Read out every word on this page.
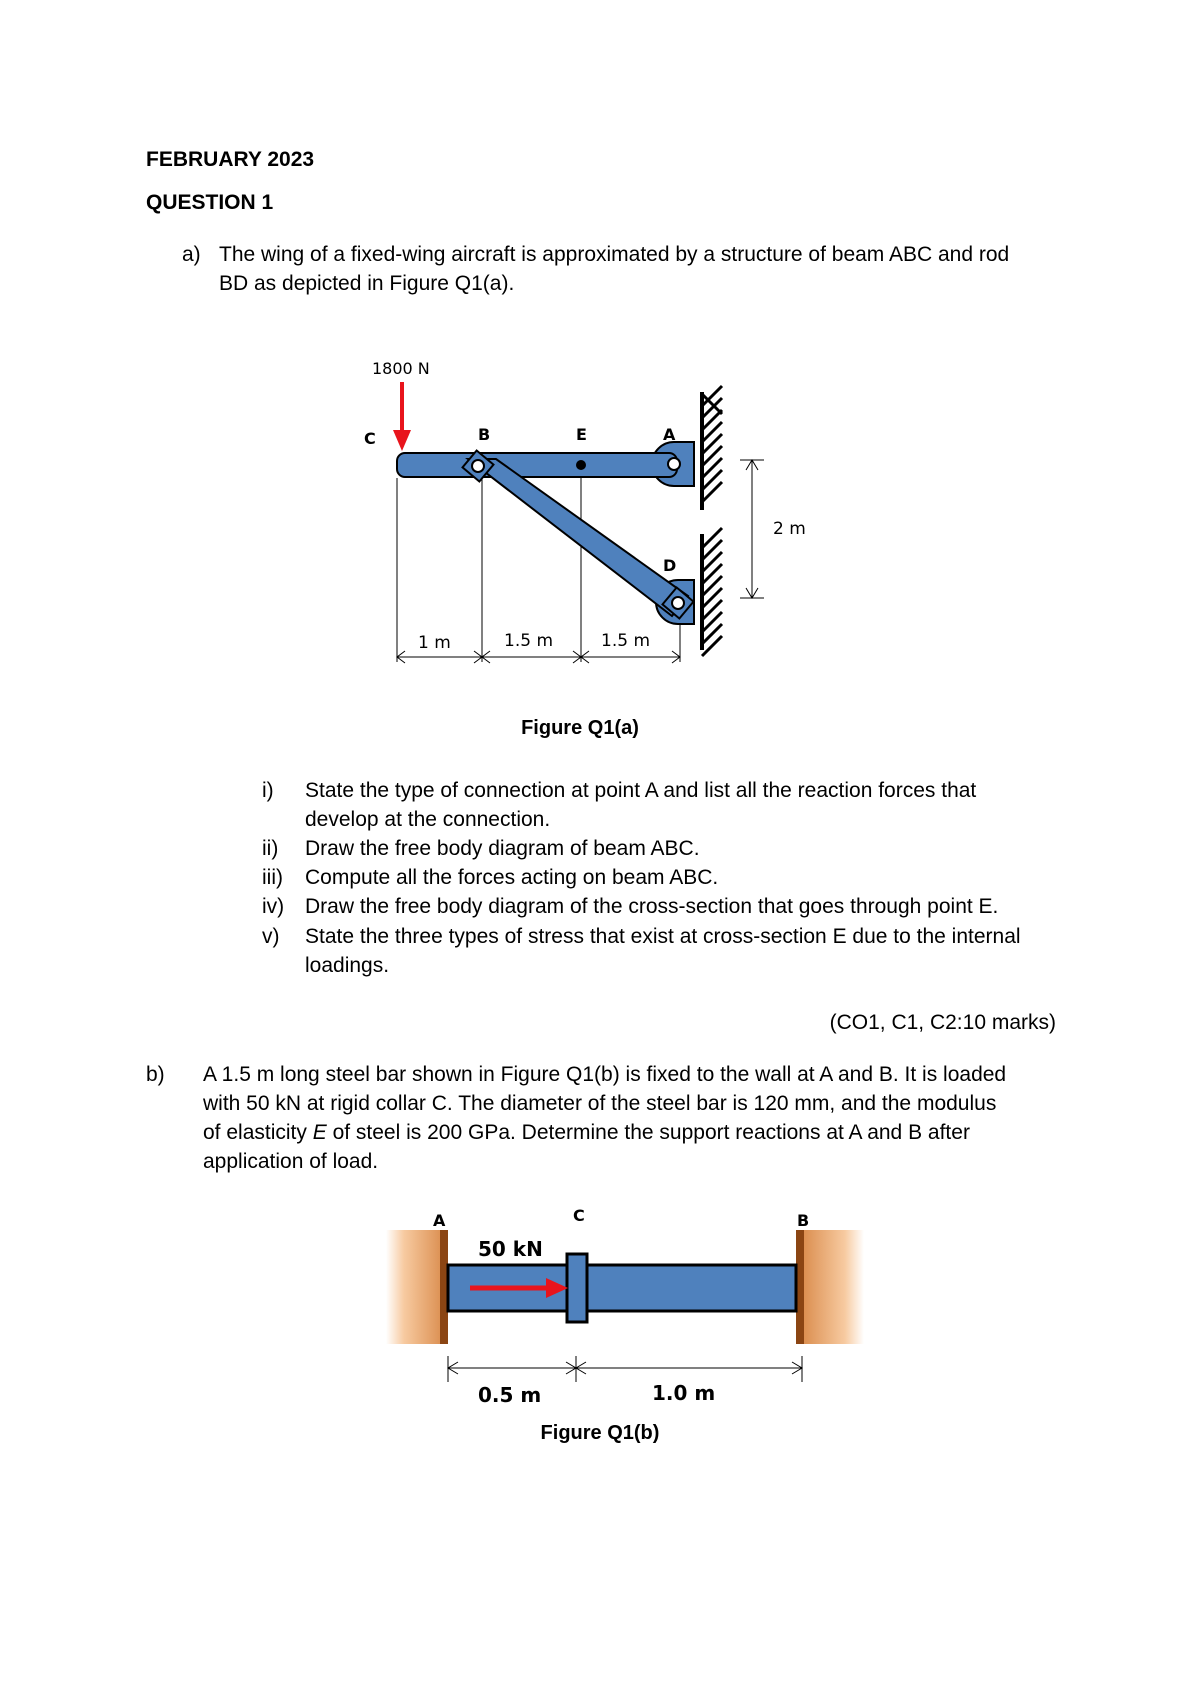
FEBRUARY 2023
QUESTION 1
a) The wing of a fixed-wing aircraft is approximated by a structure of beam ABC and rod
BD as depicted in Figure Q1(a).
1800 N
C	B	E	A
D
1 m	1.5 m	1.5 m
2 m
Figure Q1(a)
i) State the type of connection at point A and list all the reaction forces that
develop at the connection.
ii) Draw the free body diagram of beam ABC.
iii) Compute all the forces acting on beam ABC.
iv) Draw the free body diagram of the cross-section that goes through point E.
v) State the three types of stress that exist at cross-section E due to the internal
loadings.
(CO1, C1, C2:10 marks)
b) A 1.5 m long steel bar shown in Figure Q1(b) is fixed to the wall at A and B. It is loaded
with 50 kN at rigid collar C. The diameter of the steel bar is 120 mm, and the modulus
of elasticity E of steel is 200 GPa. Determine the support reactions at A and B after
application of load.
A	C	B
50 kN
0.5 m	1.0 m
Figure Q1(b)
